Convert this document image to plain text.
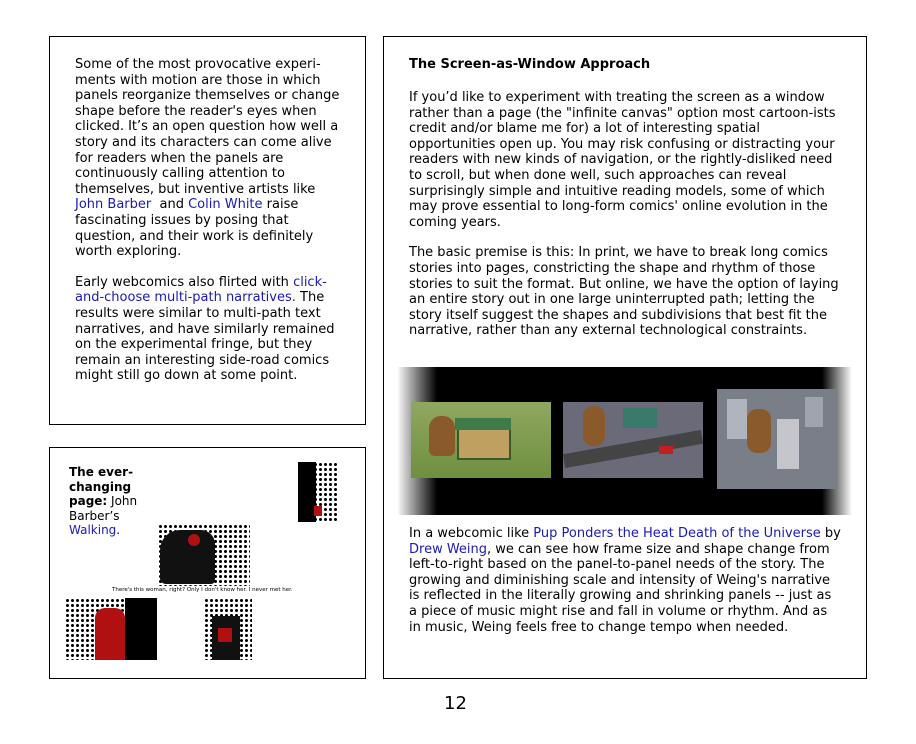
Some of the most provocative experi-ments with motion are those in which panels reorganize themselves or change shape before the reader's eyes when clicked. It’s an open question how well a story and its characters can come alive for readers when the panels are continuously calling attention to themselves, but inventive artists like John Barber  and Colin White raise fascinating issues by posing that question, and their work is definitely worth exploring.

Early webcomics also flirted with click-and-choose multi-path narratives. The results were similar to multi-path text narratives, and have similarly remained on the experimental fringe, but they remain an interesting side-road comics might still go down at some point.

The ever-changing page: John Barber’s Walking.
There's this woman, right? Only I don't know her. I never met her.
The Screen-as-Window Approach

If you’d like to experiment with treating the screen as a window rather than a page (the "infinite canvas" option most cartoon-ists credit and/or blame me for) a lot of interesting spatial opportunities open up. You may risk confusing or distracting your readers with new kinds of navigation, or the rightly-disliked need to scroll, but when done well, such approaches can reveal surprisingly simple and intuitive reading models, some of which may prove essential to long-form comics' online evolution in the coming years.

The basic premise is this: In print, we have to break long comics stories into pages, constricting the shape and rhythm of those stories to suit the format. But online, we have the option of laying an entire story out in one large uninterrupted path; letting the story itself suggest the shapes and subdivisions that best fit the narrative, rather than any external technological constraints.

In a webcomic like Pup Ponders the Heat Death of the Universe by Drew Weing, we can see how frame size and shape change from left-to-right based on the panel-to-panel needs of the story. The growing and diminishing scale and intensity of Weing's narrative is reflected in the literally growing and shrinking panels -- just as a piece of music might rise and fall in volume or rhythm. And as in music, Weing feels free to change tempo when needed.

12
